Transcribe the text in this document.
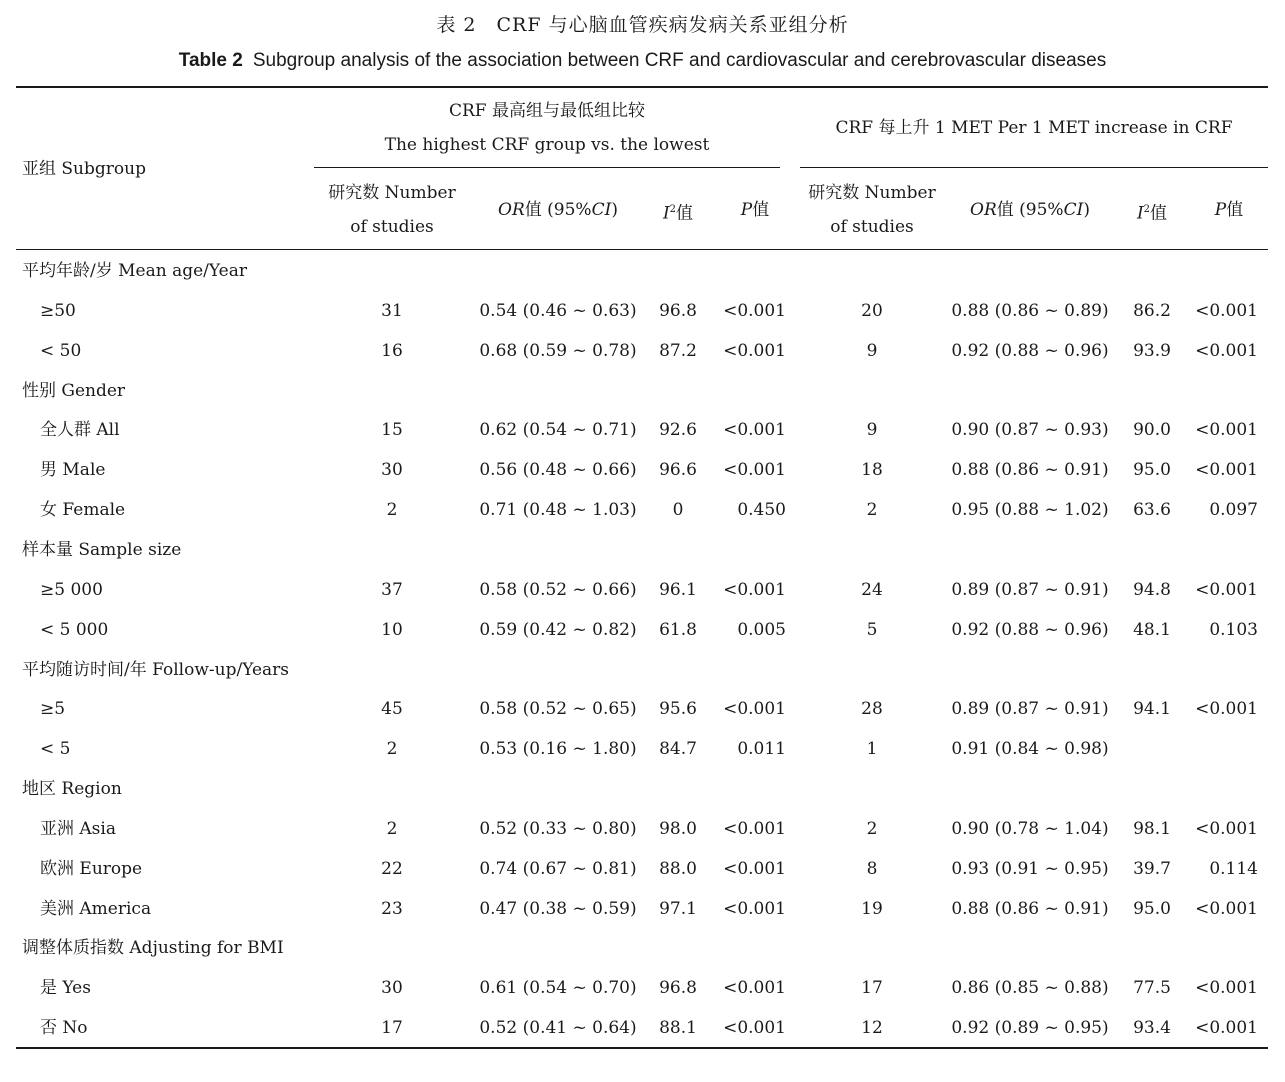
表 2　CRF 与心脑血管疾病发病关系亚组分析
Table 2 Subgroup analysis of the association between CRF and cardiovascular and cerebrovascular diseases
亚组 Subgroup
CRF 最高组与最低组比较
The highest CRF group vs. the lowest
CRF 每上升 1 MET Per 1 MET increase in CRF
研究数 Number
of studies
OR值 (95%CI)	$I^2$值	P值
研究数 Number
of studies
OR值 (95%CI)	$I^2$值	P值
平均年龄/岁 Mean age/Year
≥50	31	0.54 (0.46 ~ 0.63)	96.8	<0.001	20	0.88 (0.86 ~ 0.89)	86.2	<0.001
< 50	16	0.68 (0.59 ~ 0.78)	87.2	<0.001	9	0.92 (0.88 ~ 0.96)	93.9	<0.001
性别 Gender
全人群 All	15	0.62 (0.54 ~ 0.71)	92.6	<0.001	9	0.90 (0.87 ~ 0.93)	90.0	<0.001
男 Male	30	0.56 (0.48 ~ 0.66)	96.6	<0.001	18	0.88 (0.86 ~ 0.91)	95.0	<0.001
女 Female	2	0.71 (0.48 ~ 1.03)	0	0.450	2	0.95 (0.88 ~ 1.02)	63.6	0.097
样本量 Sample size
≥5 000	37	0.58 (0.52 ~ 0.66)	96.1	<0.001	24	0.89 (0.87 ~ 0.91)	94.8	<0.001
< 5 000	10	0.59 (0.42 ~ 0.82)	61.8	0.005	5	0.92 (0.88 ~ 0.96)	48.1	0.103
平均随访时间/年 Follow-up/Years
≥5	45	0.58 (0.52 ~ 0.65)	95.6	<0.001	28	0.89 (0.87 ~ 0.91)	94.1	<0.001
< 5	2	0.53 (0.16 ~ 1.80)	84.7	0.011	1	0.91 (0.84 ~ 0.98)
地区 Region
亚洲 Asia	2	0.52 (0.33 ~ 0.80)	98.0	<0.001	2	0.90 (0.78 ~ 1.04)	98.1	<0.001
欧洲 Europe	22	0.74 (0.67 ~ 0.81)	88.0	<0.001	8	0.93 (0.91 ~ 0.95)	39.7	0.114
美洲 America	23	0.47 (0.38 ~ 0.59)	97.1	<0.001	19	0.88 (0.86 ~ 0.91)	95.0	<0.001
调整体质指数 Adjusting for BMI
是 Yes	30	0.61 (0.54 ~ 0.70)	96.8	<0.001	17	0.86 (0.85 ~ 0.88)	77.5	<0.001
否 No	17	0.52 (0.41 ~ 0.64)	88.1	<0.001	12	0.92 (0.89 ~ 0.95)	93.4	<0.001
